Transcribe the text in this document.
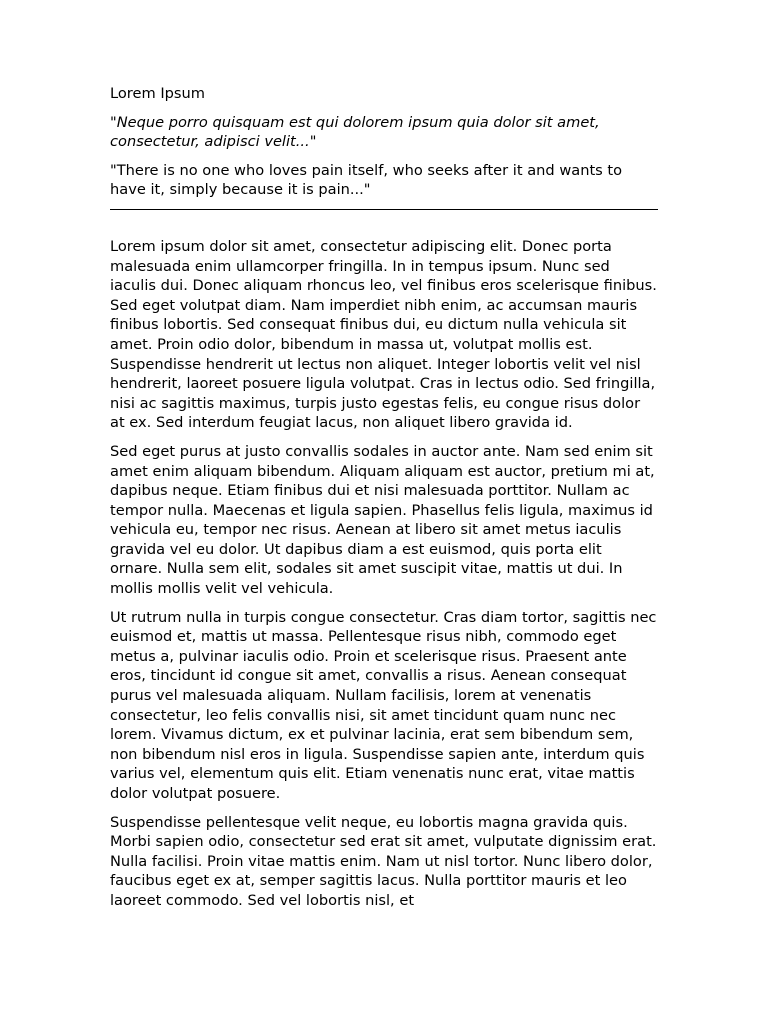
Lorem Ipsum

"Neque porro quisquam est qui dolorem ipsum quia dolor sit amet, consectetur, adipisci velit..."

"There is no one who loves pain itself, who seeks after it and wants to have it, simply because it is pain..."

Lorem ipsum dolor sit amet, consectetur adipiscing elit. Donec porta malesuada enim ullamcorper fringilla. In in tempus ipsum. Nunc sed iaculis dui. Donec aliquam rhoncus leo, vel finibus eros scelerisque finibus. Sed eget volutpat diam. Nam imperdiet nibh enim, ac accumsan mauris finibus lobortis. Sed consequat finibus dui, eu dictum nulla vehicula sit amet. Proin odio dolor, bibendum in massa ut, volutpat mollis est. Suspendisse hendrerit ut lectus non aliquet. Integer lobortis velit vel nisl hendrerit, laoreet posuere ligula volutpat. Cras in lectus odio. Sed fringilla, nisi ac sagittis maximus, turpis justo egestas felis, eu congue risus dolor at ex. Sed interdum feugiat lacus, non aliquet libero gravida id.

Sed eget purus at justo convallis sodales in auctor ante. Nam sed enim sit amet enim aliquam bibendum. Aliquam aliquam est auctor, pretium mi at, dapibus neque. Etiam finibus dui et nisi malesuada porttitor. Nullam ac tempor nulla. Maecenas et ligula sapien. Phasellus felis ligula, maximus id vehicula eu, tempor nec risus. Aenean at libero sit amet metus iaculis gravida vel eu dolor. Ut dapibus diam a est euismod, quis porta elit ornare. Nulla sem elit, sodales sit amet suscipit vitae, mattis ut dui. In mollis mollis velit vel vehicula.

Ut rutrum nulla in turpis congue consectetur. Cras diam tortor, sagittis nec euismod et, mattis ut massa. Pellentesque risus nibh, commodo eget metus a, pulvinar iaculis odio. Proin et scelerisque risus. Praesent ante eros, tincidunt id congue sit amet, convallis a risus. Aenean consequat purus vel malesuada aliquam. Nullam facilisis, lorem at venenatis consectetur, leo felis convallis nisi, sit amet tincidunt quam nunc nec lorem. Vivamus dictum, ex et pulvinar lacinia, erat sem bibendum sem, non bibendum nisl eros in ligula. Suspendisse sapien ante, interdum quis varius vel, elementum quis elit. Etiam venenatis nunc erat, vitae mattis dolor volutpat posuere.

Suspendisse pellentesque velit neque, eu lobortis magna gravida quis. Morbi sapien odio, consectetur sed erat sit amet, vulputate dignissim erat. Nulla facilisi. Proin vitae mattis enim. Nam ut nisl tortor. Nunc libero dolor, faucibus eget ex at, semper sagittis lacus. Nulla porttitor mauris et leo laoreet commodo. Sed vel lobortis nisl, et
